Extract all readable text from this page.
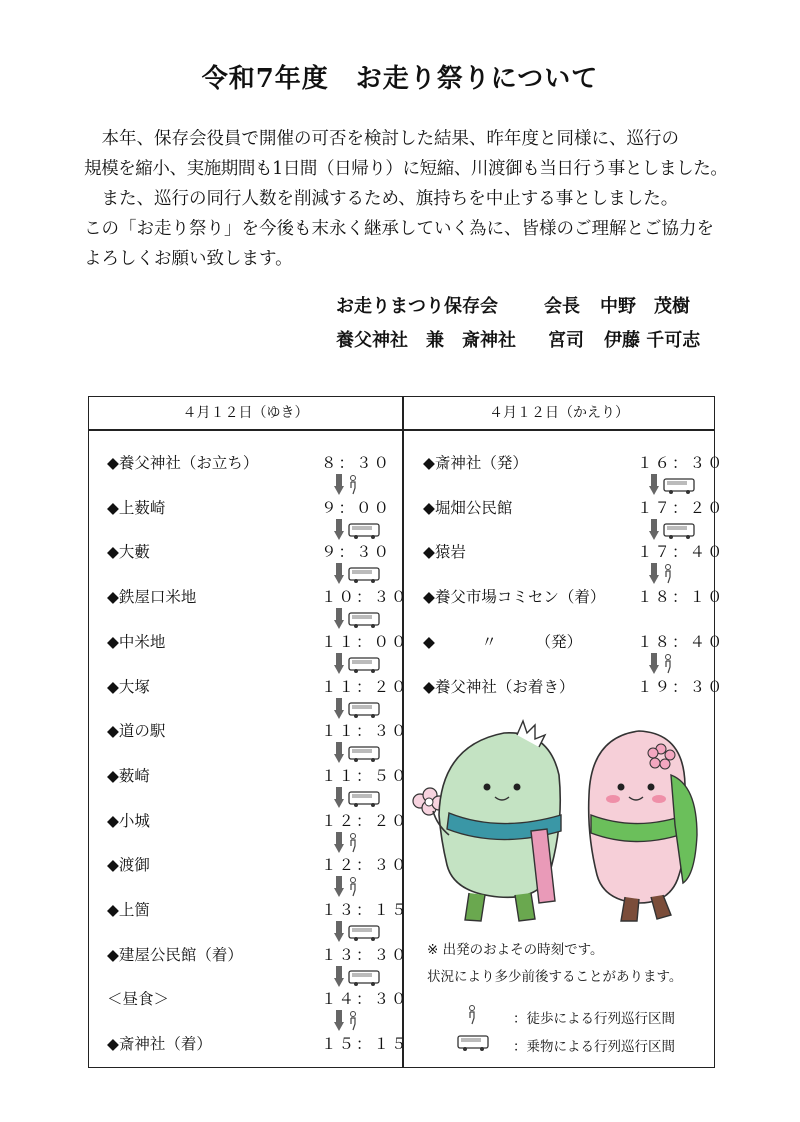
令和7年度　お走り祭りについて

　本年、保存会役員で開催の可否を検討した結果、昨年度と同様に、巡行の

規模を縮小、実施期間も1日間（日帰り）に短縮、川渡御も当日行う事としました。

　また、巡行の同行人数を削減するため、旗持ちを中止する事としました。

この「お走り祭り」を今後も末永く継承していく為に、皆様のご理解とご協力を

よろしくお願い致します。

お走りまつり保存会	会長 中野　茂樹
養父神社　兼　斎神社 宮司 伊藤 千可志
４月１２日（ゆき）	４月１２日（かえり）
◆養父神社（お立ち）	８：３０
◆上薮崎	９：００
◆大藪	９：３０
◆鉄屋口米地	１０：３０
◆中米地	１１：００
◆大塚	１１：２０
◆道の駅	１１：３０
◆薮崎	１１：５０
◆小城	１２：２０
◆渡御	１２：３０
◆上箇	１３：１５
◆建屋公民館（着）	１３：３０
＜昼食＞	１４：３０
◆斎神社（着）	１５：１５
◆斎神社（発）	１６：３０
◆堀畑公民館	１７：２０
◆猿岩	１７：４０
◆養父市場コミセン（着） １８：１０
◆　　　〃　　　（発）	１８：４０
◆養父神社（お着き）	１９：３０
※ 出発のおよその時刻です。
状況により多少前後することがあります。
：徒歩による行列巡行区間
：乗物による行列巡行区間
